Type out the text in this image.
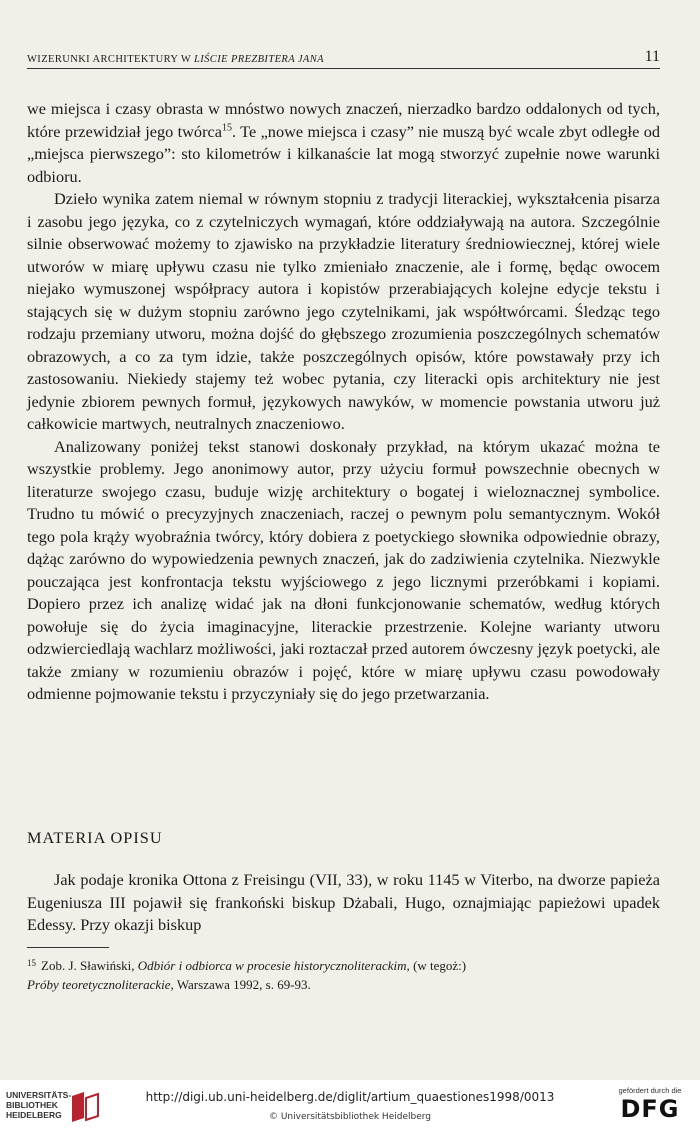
WIZERUNKI ARCHITEKTURY W LIŚCIE PREZBITERA JANA	11

we miejsca i czasy obrasta w mnóstwo nowych znaczeń, nierzadko bardzo oddalonych od tych, które przewidział jego twórca$^{15}$. Te „nowe miejsca i czasy” nie muszą być wcale zbyt odległe od „miejsca pierwszego”: sto kilometrów i kilkanaście lat mogą stworzyć zupełnie nowe warunki odbioru.

Dzieło wynika zatem niemal w równym stopniu z tradycji literackiej, wykształcenia pisarza i zasobu jego języka, co z czytelniczych wymagań, które oddziaływają na autora. Szczególnie silnie obserwować możemy to zjawisko na przykładzie literatury średniowiecznej, której wiele utworów w miarę upływu czasu nie tylko zmieniało znaczenie, ale i formę, będąc owocem niejako wymuszonej współpracy autora i kopistów przerabiających kolejne edycje tekstu i stających się w dużym stopniu zarówno jego czytelnikami, jak współtwórcami. Śledząc tego rodzaju przemiany utworu, można dojść do głębszego zrozumienia poszczególnych schematów obrazowych, a co za tym idzie, także poszczególnych opisów, które powstawały przy ich zastosowaniu. Niekiedy stajemy też wobec pytania, czy literacki opis architektury nie jest jedynie zbiorem pewnych formuł, językowych nawyków, w momencie powstania utworu już całkowicie martwych, neutralnych znaczeniowo.

Analizowany poniżej tekst stanowi doskonały przykład, na którym ukazać można te wszystkie problemy. Jego anonimowy autor, przy użyciu formuł powszechnie obecnych w literaturze swojego czasu, buduje wizję architektury o bogatej i wieloznacznej symbolice. Trudno tu mówić o precyzyjnych znaczeniach, raczej o pewnym polu semantycznym. Wokół tego pola krąży wyobraźnia twórcy, który dobiera z poetyckiego słownika odpowiednie obrazy, dążąc zarówno do wypowiedzenia pewnych znaczeń, jak do zadziwienia czytelnika. Niezwykle pouczająca jest konfrontacja tekstu wyjściowego z jego licznymi przeróbkami i kopiami. Dopiero przez ich analizę widać jak na dłoni funkcjonowanie schematów, według których powołuje się do życia imaginacyjne, literackie przestrzenie. Kolejne warianty utworu odzwierciedlają wachlarz możliwości, jaki roztaczał przed autorem ówczesny język poetycki, ale także zmiany w rozumieniu obrazów i pojęć, które w miarę upływu czasu powodowały odmienne pojmowanie tekstu i przyczyniały się do jego przetwarzania.

MATERIA OPISU

Jak podaje kronika Ottona z Freisingu (VII, 33), w roku 1145 w Viterbo, na dworze papieża Eugeniusza III pojawił się frankoński biskup Dżabali, Hugo, oznajmiając papieżowi upadek Edessy. Przy okazji biskup

$^{15}$ Zob. J. Sławiński, Odbiór i odbiorca w procesie historycznoliterackim, (w tegoż:)
Próby teoretycznoliterackie, Warszawa 1992, s. 69-93.
UNIVERSITÄTS-
BIBLIOTHEK
HEIDELBERG
http://digi.ub.uni-heidelberg.de/diglit/artium_quaestiones1998/0013
© Universitätsbibliothek Heidelberg
gefördert durch die
DFG
